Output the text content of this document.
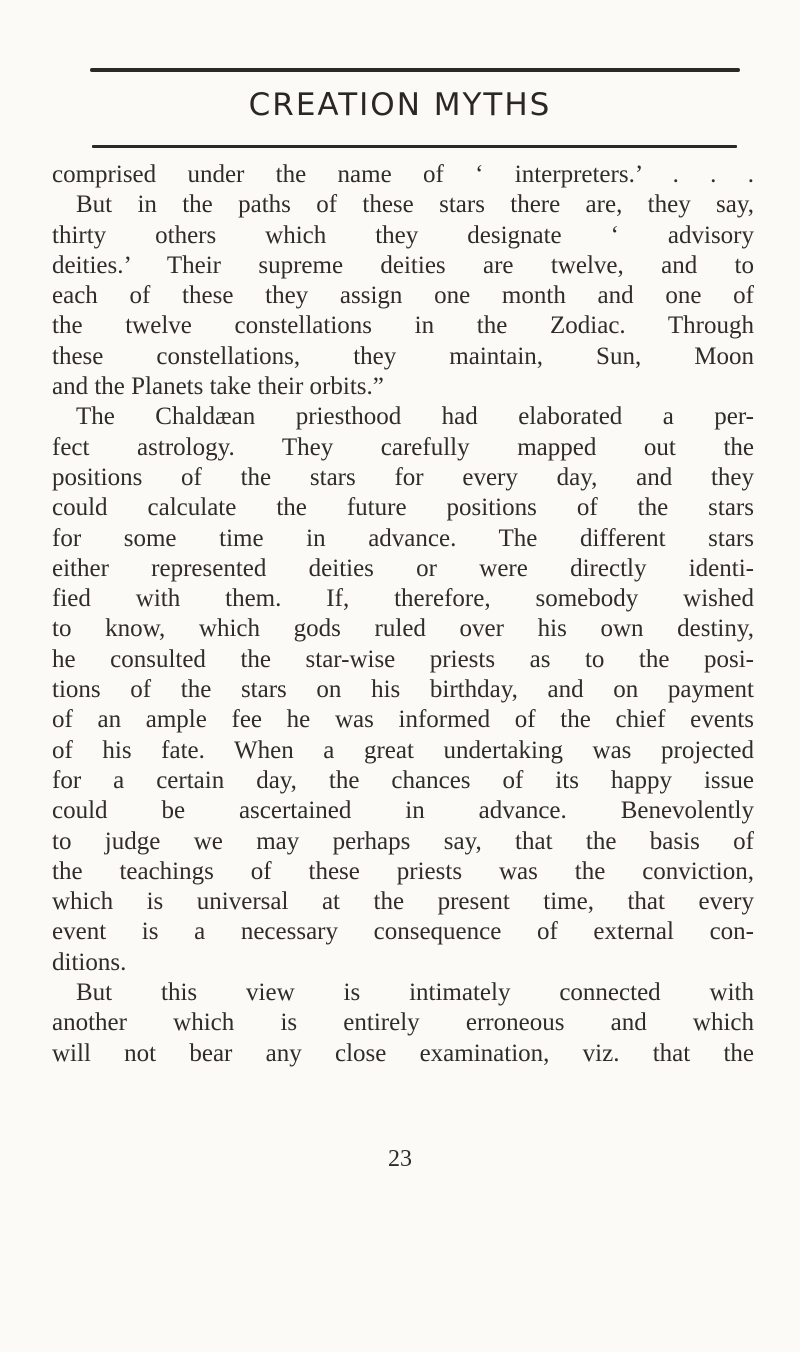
CREATION MYTHS
comprised under the name of ‘ interpreters.’ . . .
But in the paths of these stars there are, they say,
thirty others which they designate ‘ advisory
deities.’ Their supreme deities are twelve, and to
each of these they assign one month and one of
the twelve constellations in the Zodiac. Through
these constellations, they maintain, Sun, Moon
and the Planets take their orbits.”
The Chaldæan priesthood had elaborated a per-
fect astrology. They carefully mapped out the
positions of the stars for every day, and they
could calculate the future positions of the stars
for some time in advance. The different stars
either represented deities or were directly identi-
fied with them. If, therefore, somebody wished
to know, which gods ruled over his own destiny,
he consulted the star-wise priests as to the posi-
tions of the stars on his birthday, and on payment
of an ample fee he was informed of the chief events
of his fate. When a great undertaking was projected
for a certain day, the chances of its happy issue
could be ascertained in advance. Benevolently
to judge we may perhaps say, that the basis of
the teachings of these priests was the conviction,
which is universal at the present time, that every
event is a necessary consequence of external con-
ditions.
But this view is intimately connected with
another which is entirely erroneous and which
will not bear any close examination, viz. that the
23
